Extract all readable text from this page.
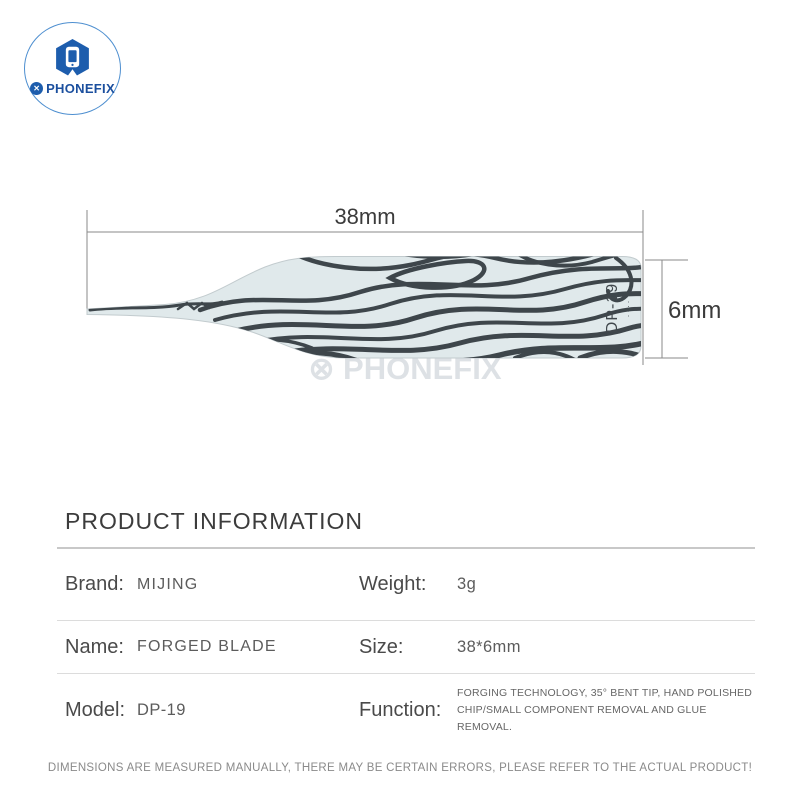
✕ PHONEFIX
38mm
DP-19 ···· 6mm
⊗ PHONEFIX
PRODUCT INFORMATION
Brand: MIJING	Weight:	3g
Name: FORGED BLADE	Size:	38*6mm
Model: DP-19	Function:
FORGING TECHNOLOGY, 35° BENT TIP, HAND POLISHED
CHIP/SMALL COMPONENT REMOVAL AND GLUE REMOVAL.
DIMENSIONS ARE MEASURED MANUALLY, THERE MAY BE CERTAIN ERRORS, PLEASE REFER TO THE ACTUAL PRODUCT!
